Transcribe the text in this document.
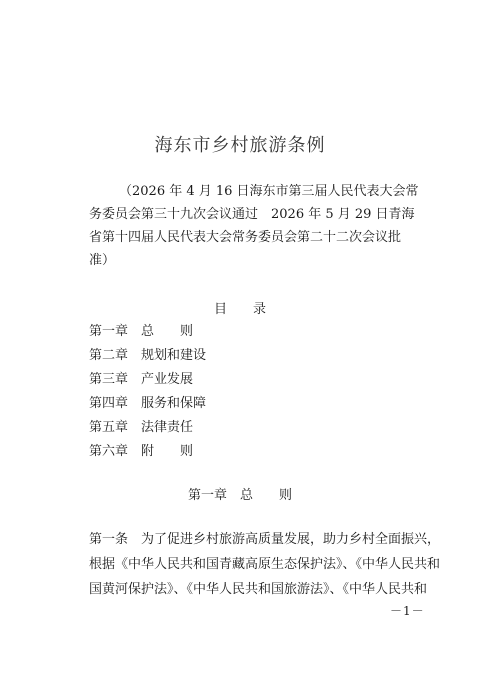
海东市乡村旅游条例
（2026 年 4 月 16 日海东市第三届人民代表大会常
务委员会第三十九次会议通过　2026 年 5 月 29 日青海
省第十四届人民代表大会常务委员会第二十二次会议批
准）
目　　录
第一章 总　　则
第二章 规划和建设
第三章 产业发展
第四章 服务和保障
第五章 法律责任
第六章 附　　则
第一章　总　　则
第一条　为了促进乡村旅游高质量发展，助力乡村全面振兴，
根据《中华人民共和国青藏高原生态保护法》、《中华人民共和
国黄河保护法》、《中华人民共和国旅游法》、《中华人民共和
－1－
